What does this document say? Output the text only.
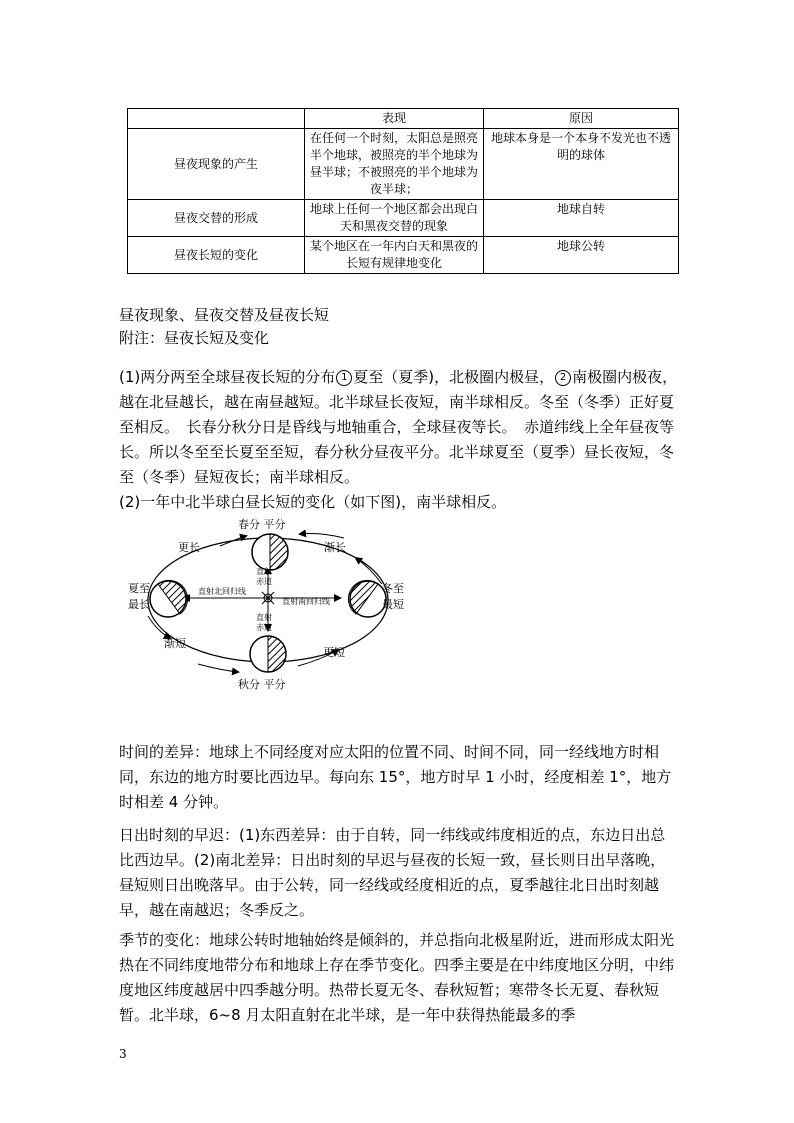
	表现	原因
昼夜现象的产生	在任何一个时刻，太阳总是照亮半个地球，被照亮的半个地球为昼半球；不被照亮的半个地球为夜半球；	地球本身是一个本身不发光也不透明的球体
昼夜交替的形成	地球上任何一个地区都会出现白天和黑夜交替的现象	地球自转
昼夜长短的变化	某个地区在一年内白天和黑夜的长短有规律地变化	地球公转
昼夜现象、昼夜交替及昼夜长短
附注：昼夜长短及变化
(1)两分两至全球昼夜长短的分布 1 夏至（夏季)，北极圈内极昼， 2 南极圈内极夜，越在北昼越长，越在南昼越短。北半球昼长夜短，南半球相反。冬至（冬季）正好夏至相反。　长春分秋分日是昏线与地轴重合，全球昼夜等长。　赤道纬线上全年昼夜等长。所以冬至至长夏至至短，春分秋分昼夜平分。北半球夏至（夏季）昼长夜短，冬至（冬季）昼短夜长；南半球相反。
(2)一年中北半球白昼长短的变化（如下图)，南半球相反。
春分 平分
秋分 平分
夏至
最长
冬至
最短
更长	渐长
渐短
更短
直射
赤道
直射
赤道
直射北回归线
直射南回归线
时间的差异：地球上不同经度对应太阳的位置不同、时间不同，同一经线地方时相同，东边的地方时要比西边早。每向东 15°，地方时早 1 小时，经度相差 1°，地方时相差 4 分钟。
日出时刻的早迟：(1)东西差异：由于自转，同一纬线或纬度相近的点，东边日出总比西边早。(2)南北差异：日出时刻的早迟与昼夜的长短一致，昼长则日出早落晚，昼短则日出晚落早。由于公转，同一经线或经度相近的点，夏季越往北日出时刻越早，越在南越迟；冬季反之。
季节的变化：地球公转时地轴始终是倾斜的，并总指向北极星附近，进而形成太阳光热在不同纬度地带分布和地球上存在季节变化。四季主要是在中纬度地区分明，中纬度地区纬度越居中四季越分明。热带长夏无冬、春秋短暂；寒带冬长无夏、春秋短暂。北半球，6~8 月太阳直射在北半球，是一年中获得热能最多的季
3
